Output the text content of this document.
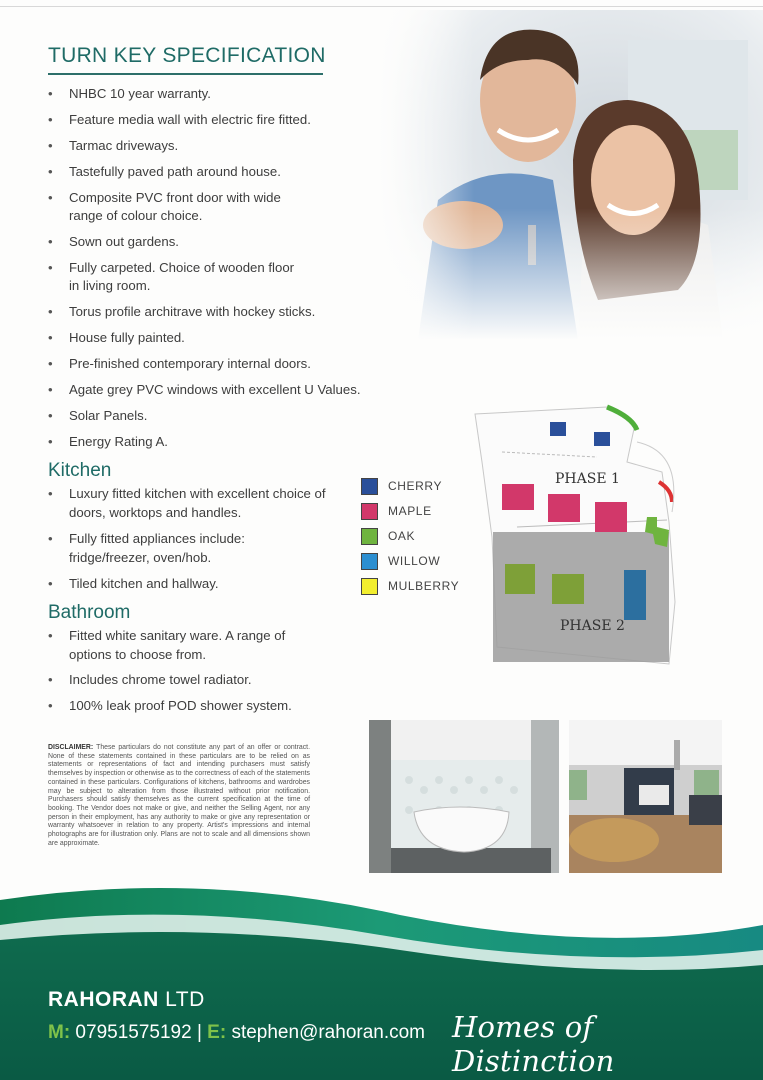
TURN KEY SPECIFICATION
• NHBC 10 year warranty.
• Feature media wall with electric fire fitted.
• Tarmac driveways.
• Tastefully paved path around house.
• Composite PVC front door with wide range of colour choice.
• Sown out gardens.
• Fully carpeted. Choice of wooden floor in living room.
• Torus profile architrave with hockey sticks.
• House fully painted.
• Pre-finished contemporary internal doors.
• Agate grey PVC windows with excellent U Values.
• Solar Panels.
• Energy Rating A.
Kitchen
• Luxury fitted kitchen with excellent choice of doors, worktops and handles.
• Fully fitted appliances include: fridge/freezer, oven/hob.
• Tiled kitchen and hallway.
Bathroom
• Fitted white sanitary ware. A range of options to choose from.
• Includes chrome towel radiator.
• 100% leak proof POD shower system.
CHERRY
MAPLE
OAK
WILLOW
MULBERRY
PHASE 1
PHASE 2
DISCLAIMER: These particulars do not constitute any part of an offer or contract. None of these statements contained in these particulars are to be relied on as statements or representations of fact and intending purchasers must satisfy themselves by inspection or otherwise as to the correctness of each of the statements contained in these particulars. Configurations of kitchens, bathrooms and wardrobes may be subject to alteration from those illustrated without prior notification. Purchasers should satisfy themselves as the current specification at the time of booking. The Vendor does not make or give, and neither the Selling Agent, nor any person in their employment, has any authority to make or give any representation or warranty whatsoever in relation to any property. Artist's impressions and internal photographs are for illustration only. Plans are not to scale and all dimensions shown are approximate.
RAHORAN LTD
M: 07951575192 | E: stephen@rahoran.com Homes of Distinction
